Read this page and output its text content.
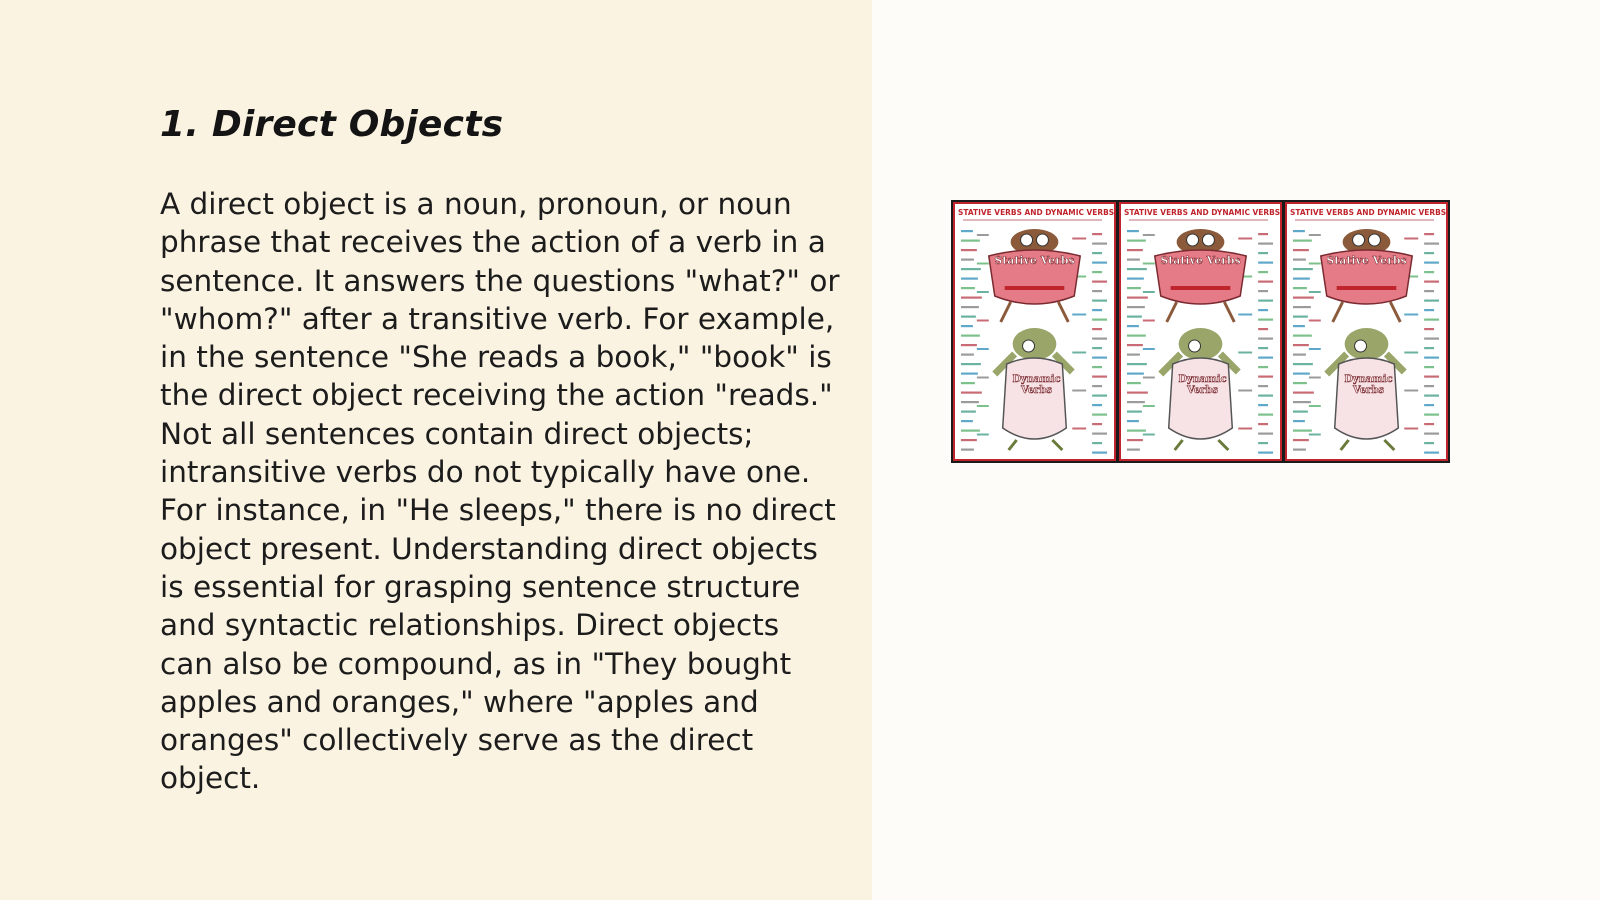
1. Direct Objects

A direct object is a noun, pronoun, or noun phrase that receives the action of a verb in a sentence. It answers the questions "what?" or "whom?" after a transitive verb. For example, in the sentence "She reads a book," "book" is the direct object receiving the action "reads." Not all sentences contain direct objects; intransitive verbs do not typically have one. For instance, in "He sleeps," there is no direct object present. Understanding direct objects is essential for grasping sentence structure and syntactic relationships. Direct objects can also be compound, as in "They bought apples and oranges," where "apples and oranges" collectively serve as the direct object.

STATIVE VERBS AND DYNAMIC VERBS
Stative Verbs
Dynamic
Verbs
STATIVE VERBS AND DYNAMIC VERBS
Stative Verbs
Dynamic
Verbs
STATIVE VERBS AND DYNAMIC VERBS
Stative Verbs
Dynamic
Verbs
